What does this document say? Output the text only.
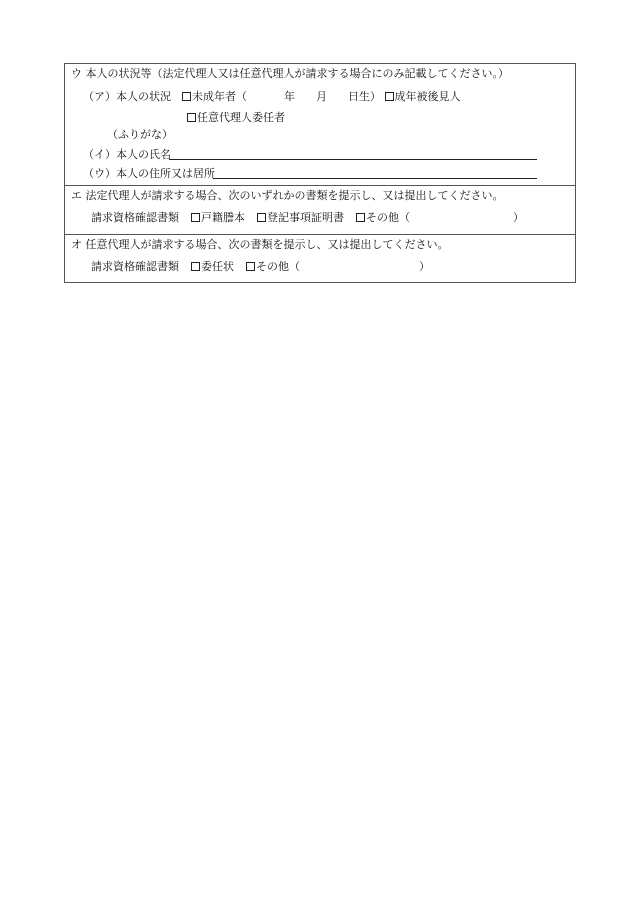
ウ 本人の状況等（法定代理人又は任意代理人が請求する場合にのみ記載してください。）
（ア）本人の状況 未成年者（	年 月 日生） 成年被後見人
任意代理人委任者
（ふりがな）
（イ）本人の氏名
（ウ）本人の住所又は居所
エ 法定代理人が請求する場合、次のいずれかの書類を提示し、又は提出してください。
請求資格確認書類 戸籍謄本 登記事項証明書 その他（	）
オ 任意代理人が請求する場合、次の書類を提示し、又は提出してください。
請求資格確認書類 委任状 その他（	）
